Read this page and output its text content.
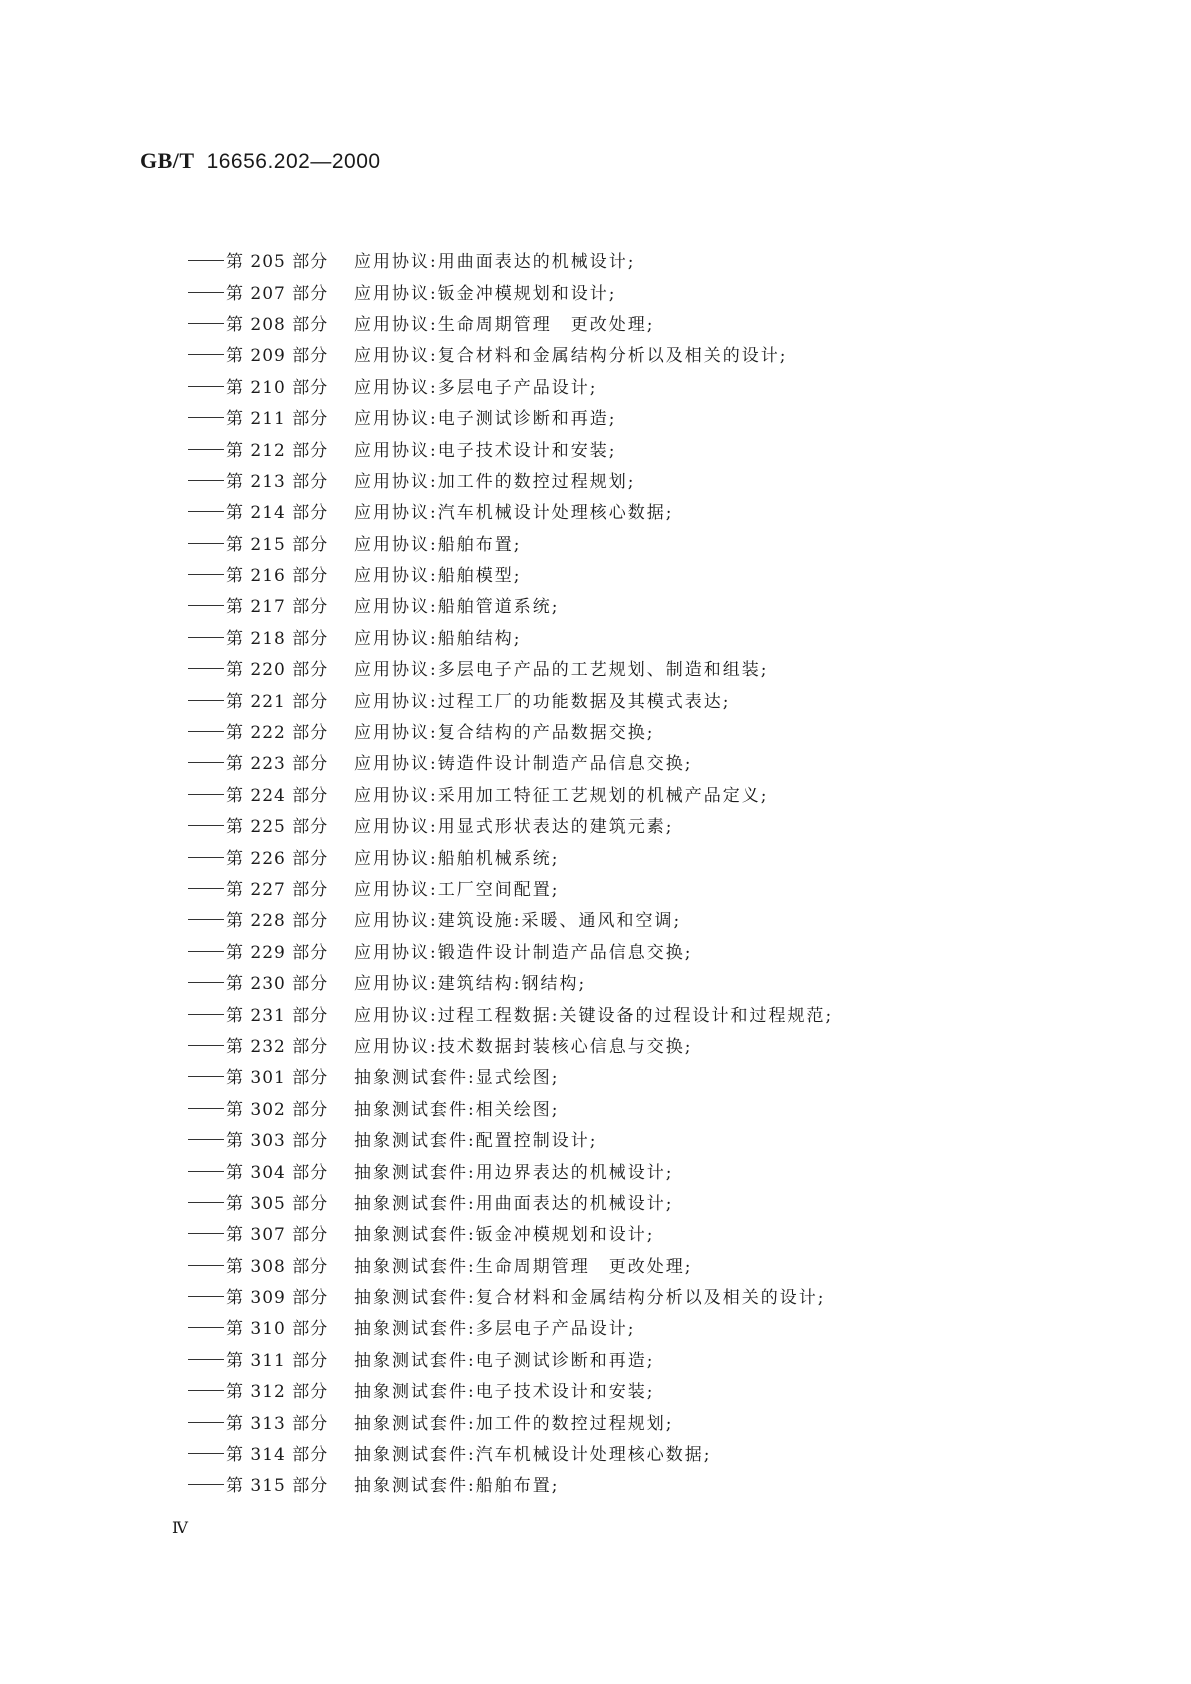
GB/T 16656.202—2000
第 205 部分	应用协议:用曲面表达的机械设计;
第 207 部分	应用协议:钣金冲模规划和设计;
第 208 部分	应用协议:生命周期管理　更改处理;
第 209 部分	应用协议:复合材料和金属结构分析以及相关的设计;
第 210 部分	应用协议:多层电子产品设计;
第 211 部分	应用协议:电子测试诊断和再造;
第 212 部分	应用协议:电子技术设计和安装;
第 213 部分	应用协议:加工件的数控过程规划;
第 214 部分	应用协议:汽车机械设计处理核心数据;
第 215 部分	应用协议:船舶布置;
第 216 部分	应用协议:船舶模型;
第 217 部分	应用协议:船舶管道系统;
第 218 部分	应用协议:船舶结构;
第 220 部分	应用协议:多层电子产品的工艺规划、制造和组装;
第 221 部分	应用协议:过程工厂的功能数据及其模式表达;
第 222 部分	应用协议:复合结构的产品数据交换;
第 223 部分	应用协议:铸造件设计制造产品信息交换;
第 224 部分	应用协议:采用加工特征工艺规划的机械产品定义;
第 225 部分	应用协议:用显式形状表达的建筑元素;
第 226 部分	应用协议:船舶机械系统;
第 227 部分	应用协议:工厂空间配置;
第 228 部分	应用协议:建筑设施:采暖、通风和空调;
第 229 部分	应用协议:锻造件设计制造产品信息交换;
第 230 部分	应用协议:建筑结构:钢结构;
第 231 部分	应用协议:过程工程数据:关键设备的过程设计和过程规范;
第 232 部分	应用协议:技术数据封装核心信息与交换;
第 301 部分	抽象测试套件:显式绘图;
第 302 部分	抽象测试套件:相关绘图;
第 303 部分	抽象测试套件:配置控制设计;
第 304 部分	抽象测试套件:用边界表达的机械设计;
第 305 部分	抽象测试套件:用曲面表达的机械设计;
第 307 部分	抽象测试套件:钣金冲模规划和设计;
第 308 部分	抽象测试套件:生命周期管理　更改处理;
第 309 部分	抽象测试套件:复合材料和金属结构分析以及相关的设计;
第 310 部分	抽象测试套件:多层电子产品设计;
第 311 部分	抽象测试套件:电子测试诊断和再造;
第 312 部分	抽象测试套件:电子技术设计和安装;
第 313 部分	抽象测试套件:加工件的数控过程规划;
第 314 部分	抽象测试套件:汽车机械设计处理核心数据;
第 315 部分	抽象测试套件:船舶布置;
Ⅳ
